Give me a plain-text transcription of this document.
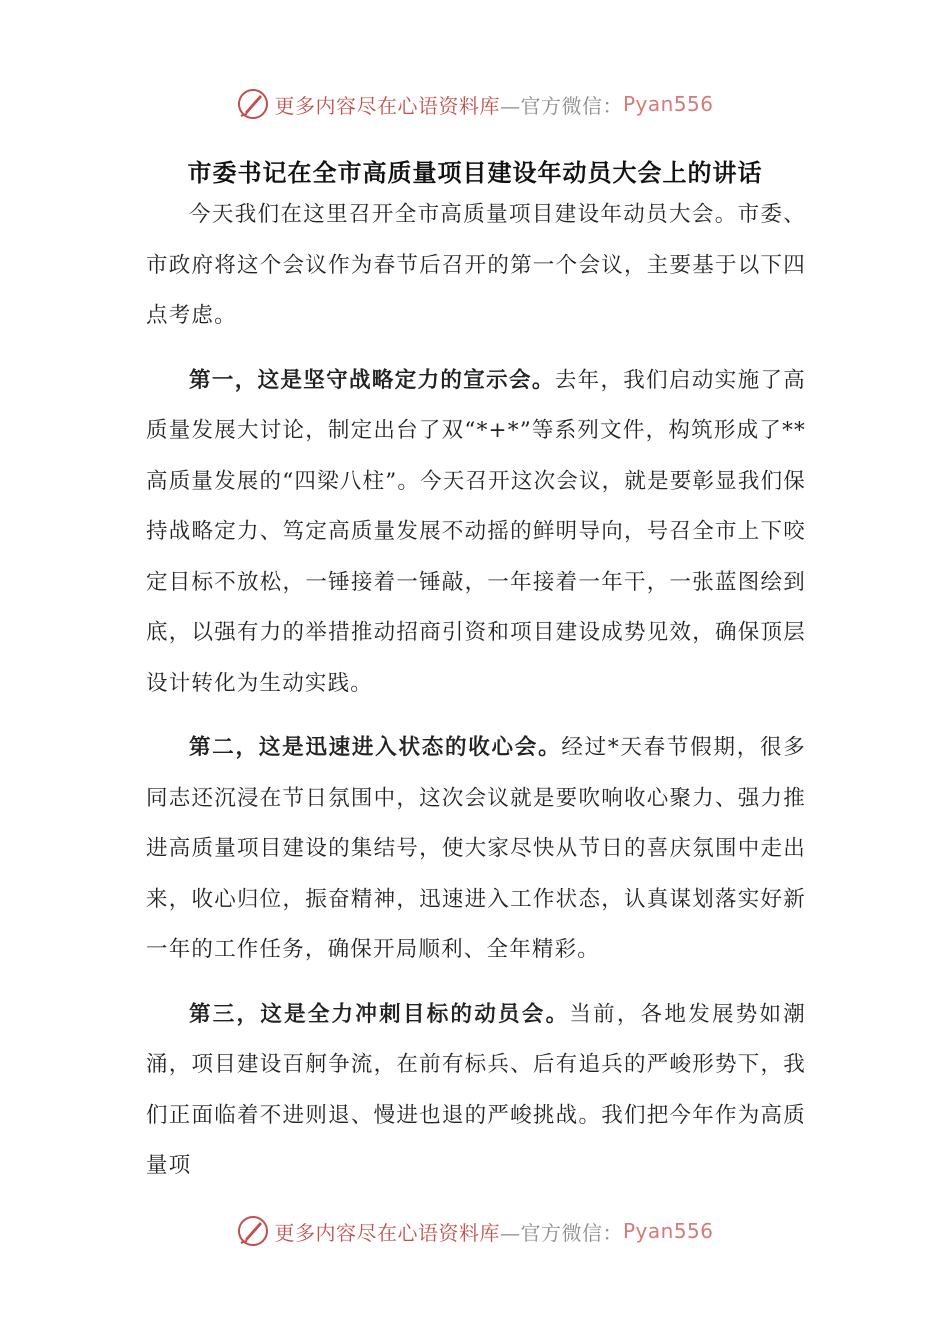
更多内容尽在心语资料库 —官方微信： Pyan556
市委书记在全市高质量项目建设年动员大会上的讲话

今天我们在这里召开全市高质量项目建设年动员大会。市委、市政府将这个会议作为春节后召开的第一个会议，主要基于以下四点考虑。

第一，这是坚守战略定力的宣示会。去年，我们启动实施了高质量发展大讨论，制定出台了双“*+*”等系列文件，构筑形成了**高质量发展的“四梁八柱”。今天召开这次会议，就是要彰显我们保持战略定力、笃定高质量发展不动摇的鲜明导向，号召全市上下咬定目标不放松，一锤接着一锤敲，一年接着一年干，一张蓝图绘到底，以强有力的举措推动招商引资和项目建设成势见效，确保顶层设计转化为生动实践。

第二，这是迅速进入状态的收心会。经过*天春节假期，很多同志还沉浸在节日氛围中，这次会议就是要吹响收心聚力、强力推进高质量项目建设的集结号，使大家尽快从节日的喜庆氛围中走出来，收心归位，振奋精神，迅速进入工作状态，认真谋划落实好新一年的工作任务，确保开局顺利、全年精彩。

第三，这是全力冲刺目标的动员会。当前，各地发展势如潮涌，项目建设百舸争流，在前有标兵、后有追兵的严峻形势下，我们正面临着不进则退、慢进也退的严峻挑战。我们把今年作为高质量项

更多内容尽在心语资料库 —官方微信： Pyan556
